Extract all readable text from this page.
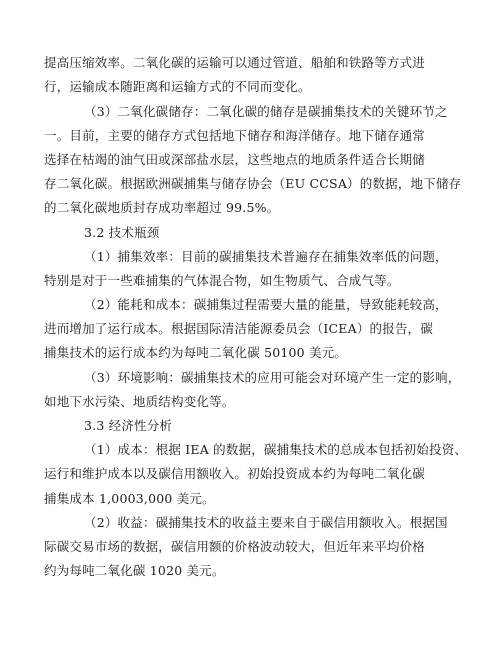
提高压缩效率。二氧化碳的运输可以通过管道、船舶和铁路等方式进
行，运输成本随距离和运输方式的不同而变化。
（3）二氧化碳储存：二氧化碳的储存是碳捕集技术的关键环节之
一。目前，主要的储存方式包括地下储存和海洋储存。地下储存通常
选择在枯竭的油气田或深部盐水层，这些地点的地质条件适合长期储
存二氧化碳。根据欧洲碳捕集与储存协会（EU CCSA）的数据，地下储存
的二氧化碳地质封存成功率超过 99.5%。
3.2 技术瓶颈
（1）捕集效率：目前的碳捕集技术普遍存在捕集效率低的问题，
特别是对于一些难捕集的气体混合物，如生物质气、合成气等。
（2）能耗和成本：碳捕集过程需要大量的能量，导致能耗较高，
进而增加了运行成本。根据国际清洁能源委员会（ICEA）的报告，碳
捕集技术的运行成本约为每吨二氧化碳 50100 美元。
（3）环境影响：碳捕集技术的应用可能会对环境产生一定的影响，
如地下水污染、地质结构变化等。
3.3 经济性分析
（1）成本：根据 IEA 的数据，碳捕集技术的总成本包括初始投资、
运行和维护成本以及碳信用额收入。初始投资成本约为每吨二氧化碳
捕集成本 1,0003,000 美元。
（2）收益：碳捕集技术的收益主要来自于碳信用额收入。根据国
际碳交易市场的数据，碳信用额的价格波动较大，但近年来平均价格
约为每吨二氧化碳 1020 美元。
